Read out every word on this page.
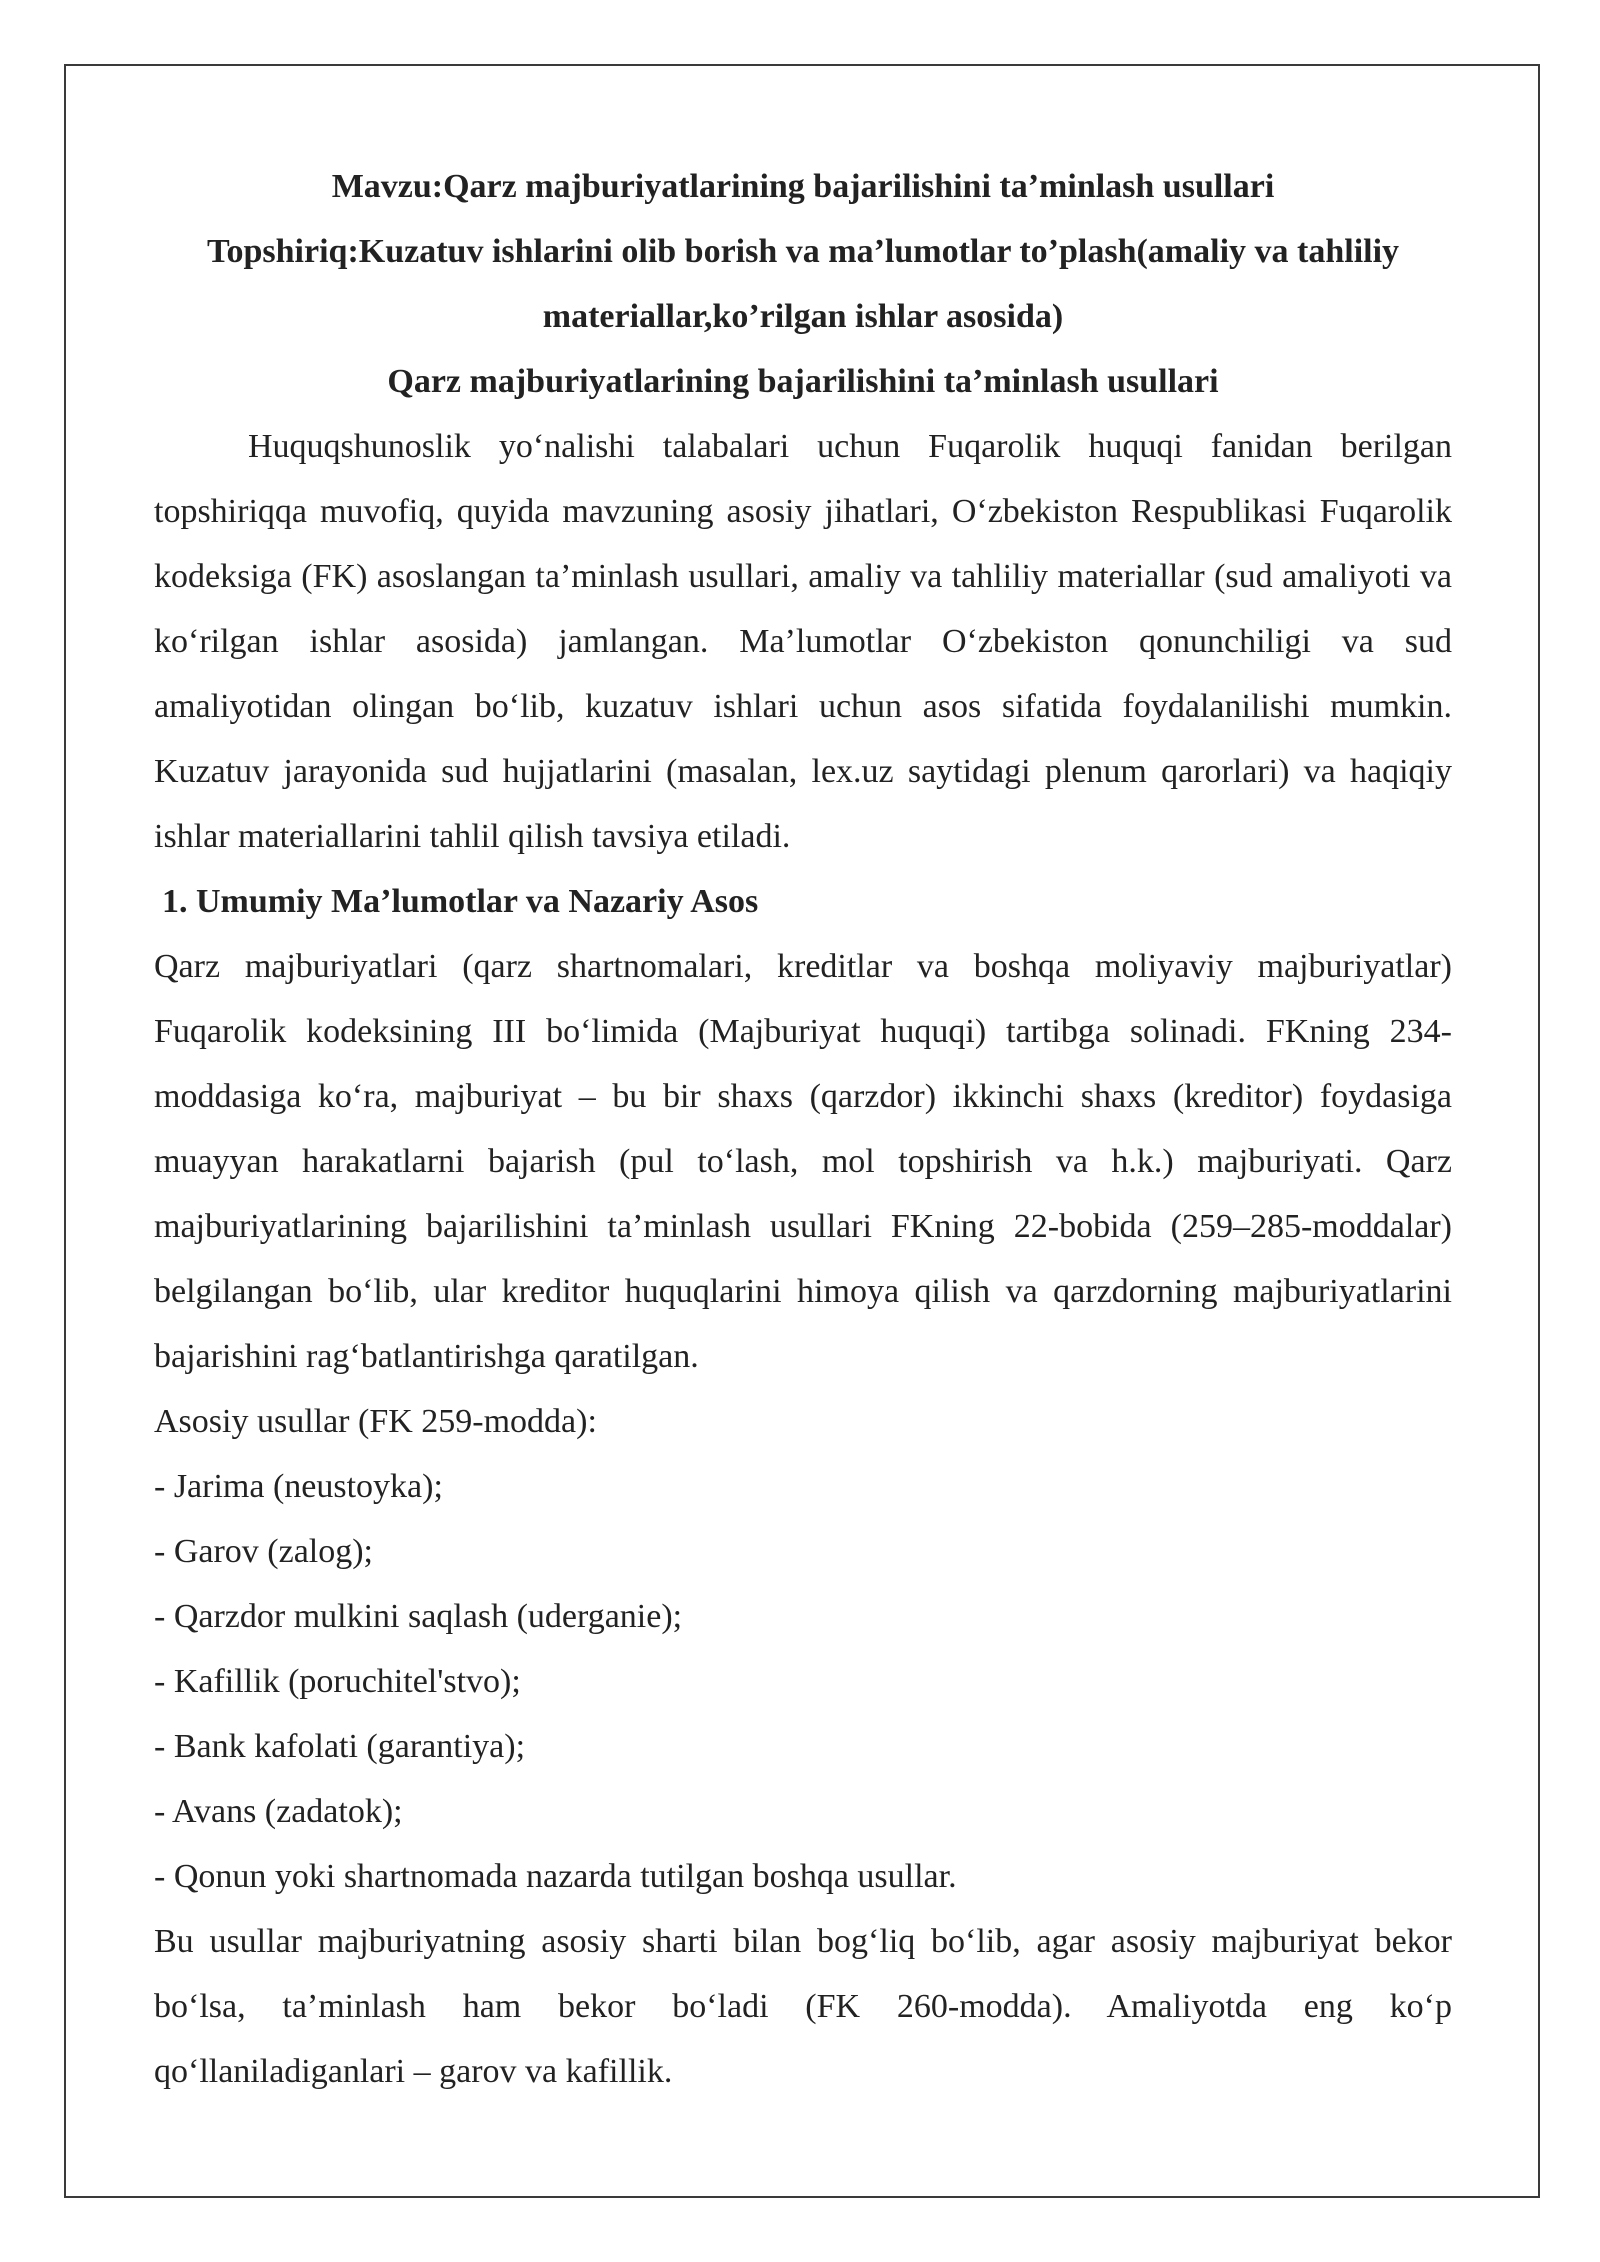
Mavzu:Qarz majburiyatlarining bajarilishini ta’minlash usullari

Topshiriq:Kuzatuv ishlarini olib borish va ma’lumotlar to’plash(amaliy va tahliliy materiallar,ko’rilgan ishlar asosida)

Qarz majburiyatlarining bajarilishini ta’minlash usullari

Huquqshunoslik yo‘nalishi talabalari uchun Fuqarolik huquqi fanidan berilgan topshiriqqa muvofiq, quyida mavzuning asosiy jihatlari, O‘zbekiston Respublikasi Fuqarolik kodeksiga (FK) asoslangan ta’minlash usullari, amaliy va tahliliy materiallar (sud amaliyoti va ko‘rilgan ishlar asosida) jamlangan. Ma’lumotlar O‘zbekiston qonunchiligi va sud amaliyotidan olingan bo‘lib, kuzatuv ishlari uchun asos sifatida foydalanilishi mumkin. Kuzatuv jarayonida sud hujjatlarini (masalan, lex.uz saytidagi plenum qarorlari) va haqiqiy ishlar materiallarini tahlil qilish tavsiya etiladi.

1. Umumiy Ma’lumotlar va Nazariy Asos

Qarz majburiyatlari (qarz shartnomalari, kreditlar va boshqa moliyaviy majburiyatlar) Fuqarolik kodeksining III bo‘limida (Majburiyat huquqi) tartibga solinadi. FKning 234-moddasiga ko‘ra, majburiyat – bu bir shaxs (qarzdor) ikkinchi shaxs (kreditor) foydasiga muayyan harakatlarni bajarish (pul to‘lash, mol topshirish va h.k.) majburiyati. Qarz majburiyatlarining bajarilishini ta’minlash usullari FKning 22-bobida (259–285-moddalar) belgilangan bo‘lib, ular kreditor huquqlarini himoya qilish va qarzdorning majburiyatlarini bajarishini rag‘batlantirishga qaratilgan.

Asosiy usullar (FK 259-modda):

- Jarima (neustoyka);

- Garov (zalog);

- Qarzdor mulkini saqlash (uderganie);

- Kafillik (poruchitel'stvo);

- Bank kafolati (garantiya);

- Avans (zadatok);

- Qonun yoki shartnomada nazarda tutilgan boshqa usullar.

Bu usullar majburiyatning asosiy sharti bilan bog‘liq bo‘lib, agar asosiy majburiyat bekor bo‘lsa, ta’minlash ham bekor bo‘ladi (FK 260-modda). Amaliyotda eng ko‘p qo‘llaniladiganlari – garov va kafillik.
